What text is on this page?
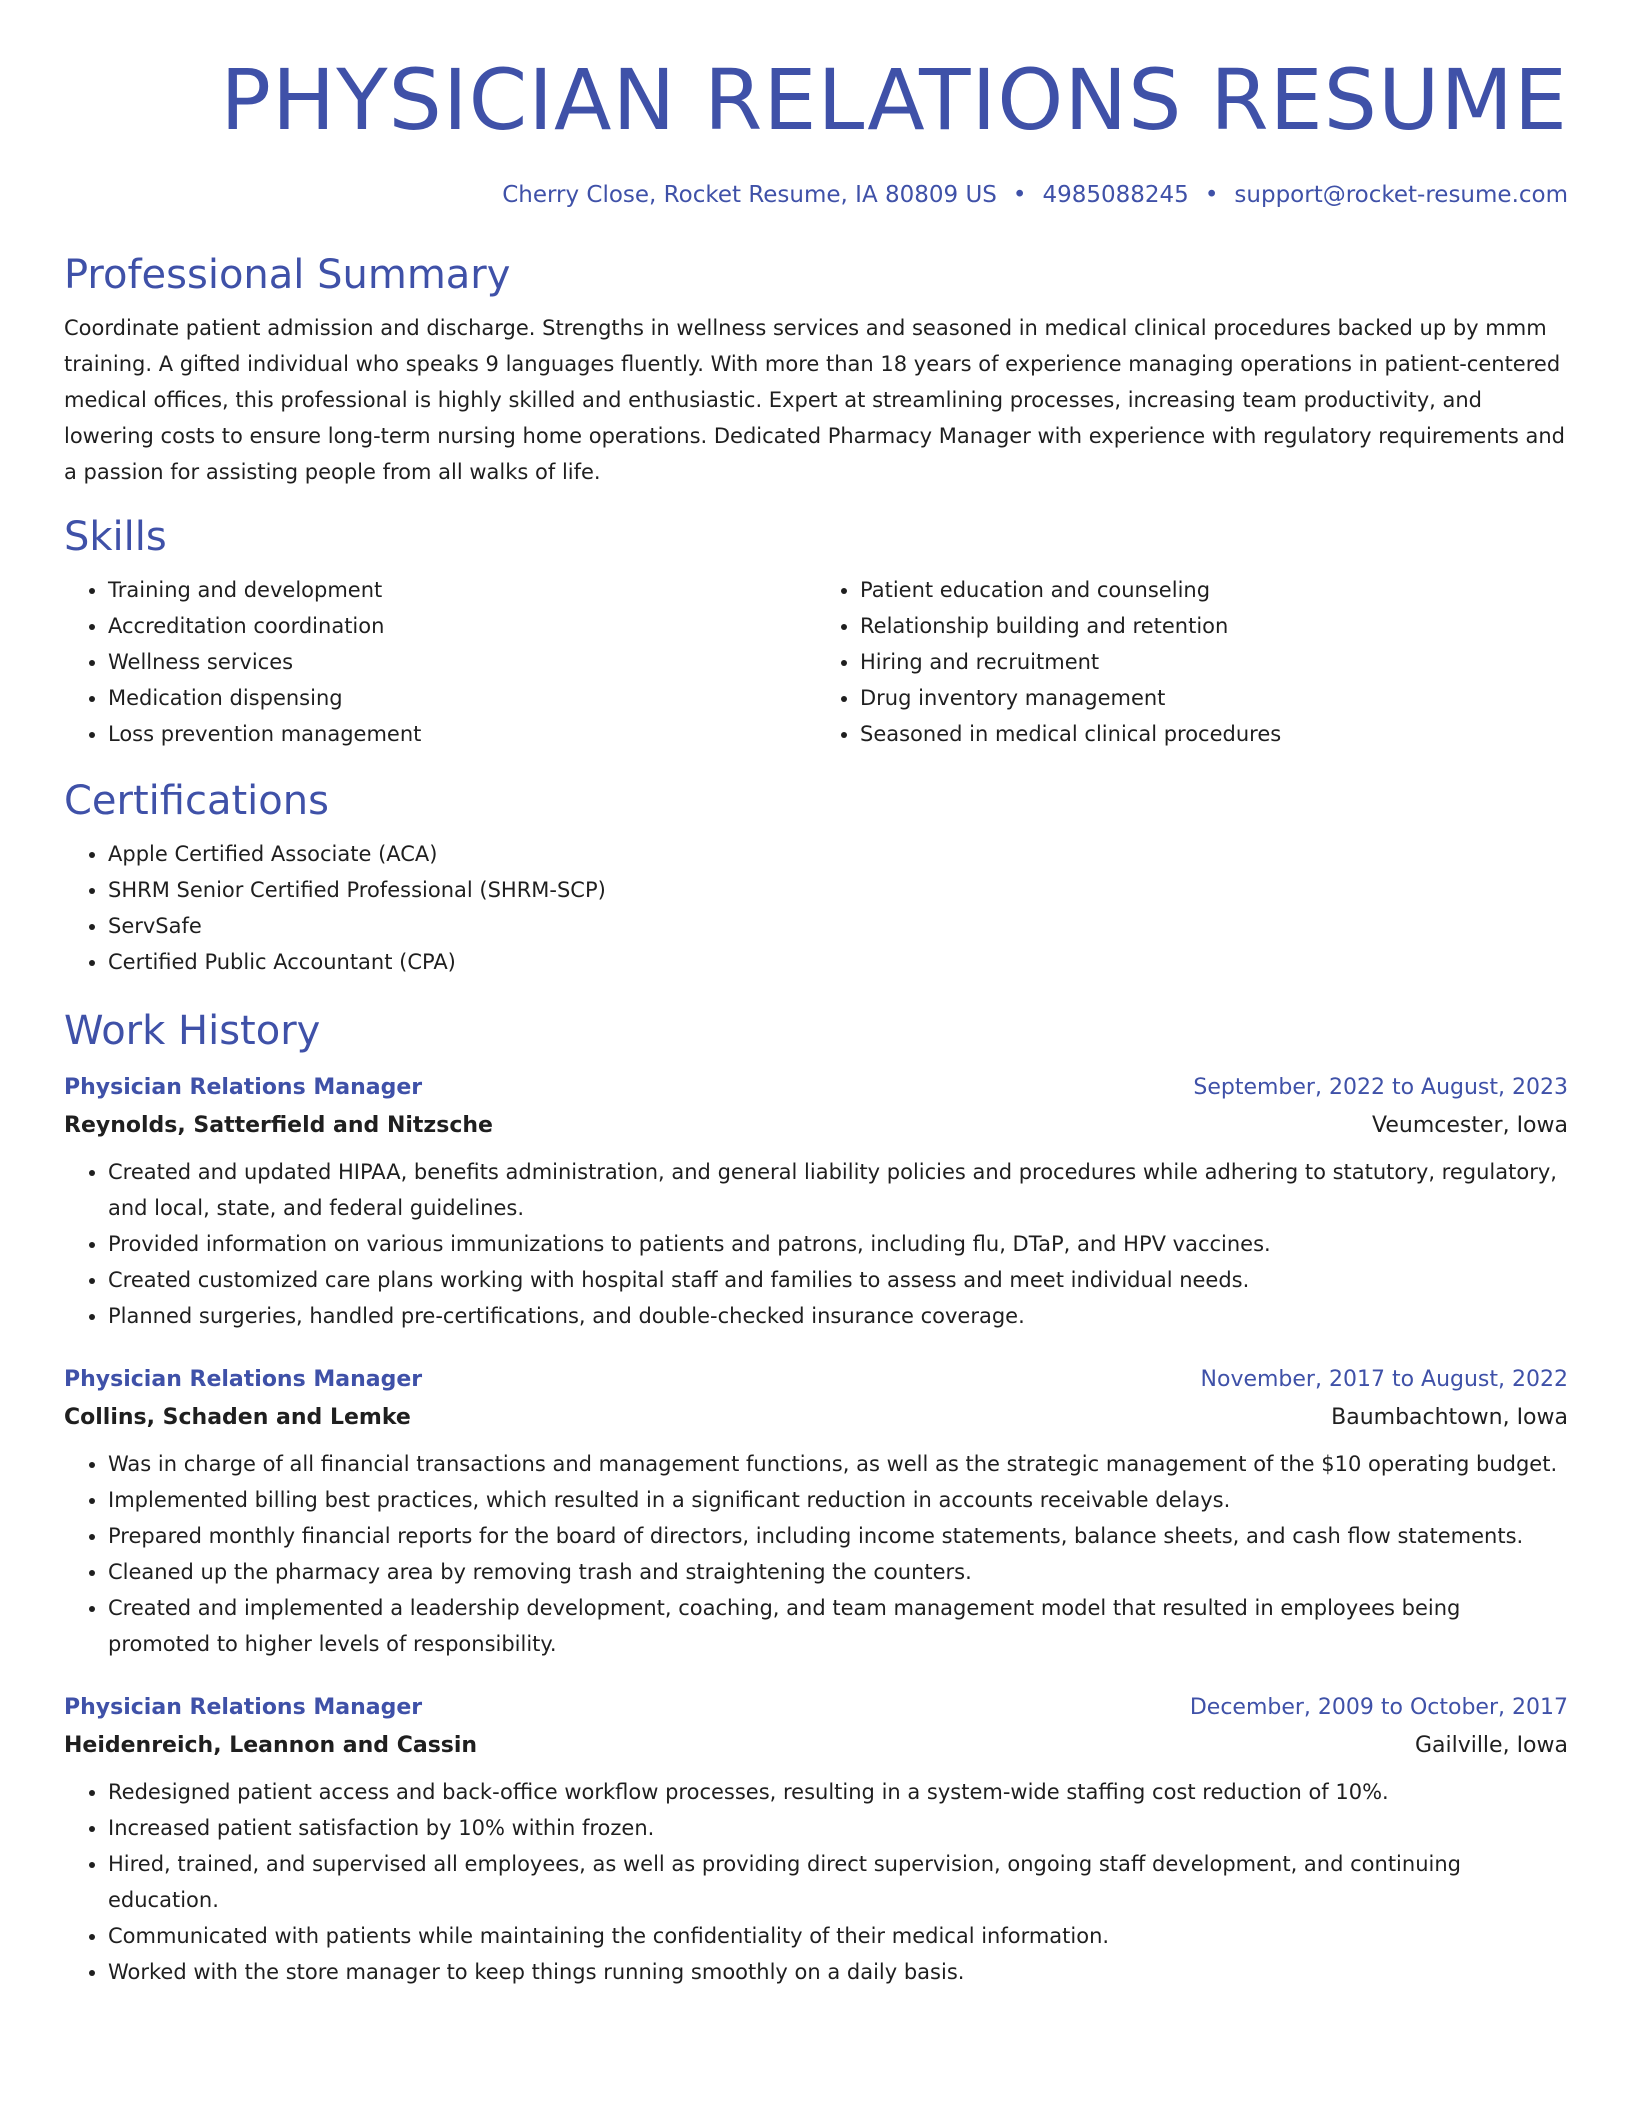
PHYSICIAN RELATIONS RESUME
Cherry Close, Rocket Resume, IA 80809 US • 4985088245 • support@rocket-resume.com
Professional Summary
Coordinate patient admission and discharge. Strengths in wellness services and seasoned in medical clinical procedures backed up by mmm training. A gifted individual who speaks 9 languages fluently. With more than 18 years of experience managing operations in patient-centered medical offices, this professional is highly skilled and enthusiastic. Expert at streamlining processes, increasing team productivity, and lowering costs to ensure long-term nursing home operations. Dedicated Pharmacy Manager with experience with regulatory requirements and a passion for assisting people from all walks of life.
Skills
• Training and development
• Accreditation coordination
• Wellness services
• Medication dispensing
• Loss prevention management
• Patient education and counseling
• Relationship building and retention
• Hiring and recruitment
• Drug inventory management
• Seasoned in medical clinical procedures
Certifications
• Apple Certified Associate (ACA)
• SHRM Senior Certified Professional (SHRM-SCP)
• ServSafe
• Certified Public Accountant (CPA)
Work History
Physician Relations Manager	September, 2022 to August, 2023
Reynolds, Satterfield and Nitzsche	Veumcester, Iowa
• Created and updated HIPAA, benefits administration, and general liability policies and procedures while adhering to statutory, regulatory, and local, state, and federal guidelines.
• Provided information on various immunizations to patients and patrons, including flu, DTaP, and HPV vaccines.
• Created customized care plans working with hospital staff and families to assess and meet individual needs.
• Planned surgeries, handled pre-certifications, and double-checked insurance coverage.
Physician Relations Manager	November, 2017 to August, 2022
Collins, Schaden and Lemke	Baumbachtown, Iowa
• Was in charge of all financial transactions and management functions, as well as the strategic management of the $10 operating budget.
• Implemented billing best practices, which resulted in a significant reduction in accounts receivable delays.
• Prepared monthly financial reports for the board of directors, including income statements, balance sheets, and cash flow statements.
• Cleaned up the pharmacy area by removing trash and straightening the counters.
• Created and implemented a leadership development, coaching, and team management model that resulted in employees being promoted to higher levels of responsibility.
Physician Relations Manager	December, 2009 to October, 2017
Heidenreich, Leannon and Cassin	Gailville, Iowa
• Redesigned patient access and back-office workflow processes, resulting in a system-wide staffing cost reduction of 10%.
• Increased patient satisfaction by 10% within frozen.
• Hired, trained, and supervised all employees, as well as providing direct supervision, ongoing staff development, and continuing education.
• Communicated with patients while maintaining the confidentiality of their medical information.
• Worked with the store manager to keep things running smoothly on a daily basis.
